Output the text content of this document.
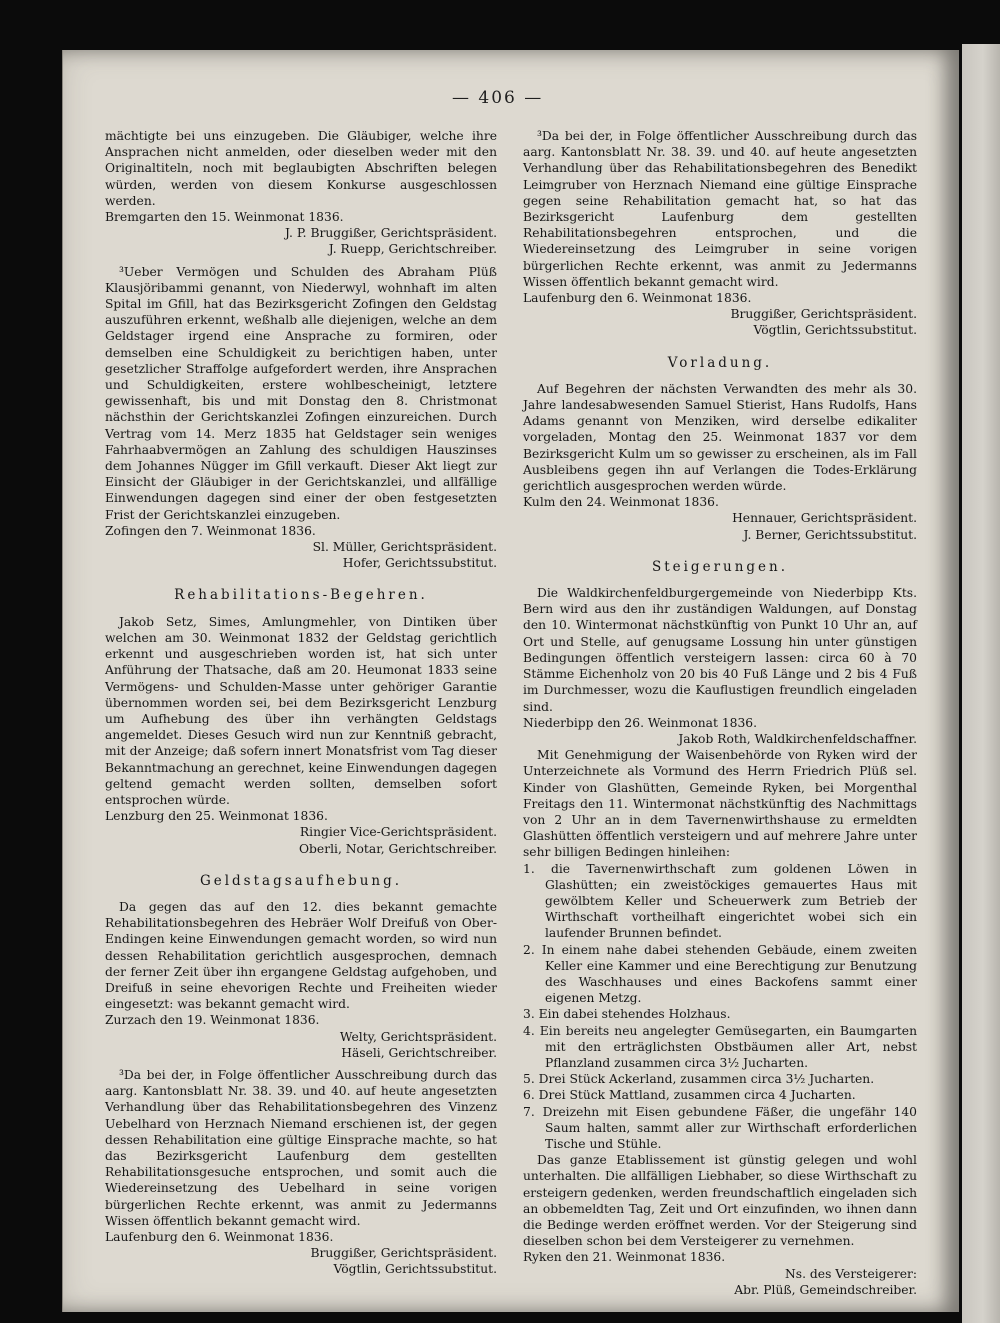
— 406 —

mächtigte bei uns einzugeben. Die Gläubiger, welche ihre Ansprachen nicht anmelden, oder dieselben weder mit den Originaltiteln, noch mit beglaubigten Abschriften belegen würden, werden von diesem Konkurse ausgeschlossen werden.

Bremgarten den 15. Weinmonat 1836.

J. P. Bruggißer, Gerichtspräsident.

J. Ruepp, Gerichtschreiber.

³Ueber Vermögen und Schulden des Abraham Plüß Klausjöribammi genannt, von Niederwyl, wohnhaft im alten Spital im Gfill, hat das Bezirksgericht Zofingen den Geldstag auszuführen erkennt, weßhalb alle diejenigen, welche an dem Geldstager irgend eine Ansprache zu formiren, oder demselben eine Schuldigkeit zu berichtigen haben, unter gesetzlicher Straffolge aufgefordert werden, ihre Ansprachen und Schuldigkeiten, erstere wohlbescheinigt, letztere gewissenhaft, bis und mit Donstag den 8. Christmonat nächsthin der Gerichtskanzlei Zofingen einzureichen. Durch Vertrag vom 14. Merz 1835 hat Geldstager sein weniges Fahrhaabvermögen an Zahlung des schuldigen Hauszinses dem Johannes Nügger im Gfill verkauft. Dieser Akt liegt zur Einsicht der Gläubiger in der Gerichtskanzlei, und allfällige Einwendungen dagegen sind einer der oben festgesetzten Frist der Gerichtskanzlei einzugeben.

Zofingen den 7. Weinmonat 1836.

Sl. Müller, Gerichtspräsident.

Hofer, Gerichtssubstitut.

Rehabilitations-Begehren.

Jakob Setz, Simes, Amlungmehler, von Dintiken über welchen am 30. Weinmonat 1832 der Geldstag gerichtlich erkennt und ausgeschrieben worden ist, hat sich unter Anführung der Thatsache, daß am 20. Heumonat 1833 seine Vermögens- und Schulden-Masse unter gehöriger Garantie übernommen worden sei, bei dem Bezirksgericht Lenzburg um Aufhebung des über ihn verhängten Geldstags angemeldet. Dieses Gesuch wird nun zur Kenntniß gebracht, mit der Anzeige; daß sofern innert Monatsfrist vom Tag dieser Bekanntmachung an gerechnet, keine Einwendungen dagegen geltend gemacht werden sollten, demselben sofort entsprochen würde.

Lenzburg den 25. Weinmonat 1836.

Ringier Vice-Gerichtspräsident.

Oberli, Notar, Gerichtschreiber.

Geldstagsaufhebung.

Da gegen das auf den 12. dies bekannt gemachte Rehabilitationsbegehren des Hebräer Wolf Dreifuß von Ober-Endingen keine Einwendungen gemacht worden, so wird nun dessen Rehabilitation gerichtlich ausgesprochen, demnach der ferner Zeit über ihn ergangene Geldstag aufgehoben, und Dreifuß in seine ehevorigen Rechte und Freiheiten wieder eingesetzt: was bekannt gemacht wird.

Zurzach den 19. Weinmonat 1836.

Welty, Gerichtspräsident.

Häseli, Gerichtschreiber.

³Da bei der, in Folge öffentlicher Ausschreibung durch das aarg. Kantonsblatt Nr. 38. 39. und 40. auf heute angesetzten Verhandlung über das Rehabilitationsbegehren des Vinzenz Uebelhard von Herznach Niemand erschienen ist, der gegen dessen Rehabilitation eine gültige Einsprache machte, so hat das Bezirksgericht Laufenburg dem gestellten Rehabilitationsgesuche entsprochen, und somit auch die Wiedereinsetzung des Uebelhard in seine vorigen bürgerlichen Rechte erkennt, was anmit zu Jedermanns Wissen öffentlich bekannt gemacht wird.

Laufenburg den 6. Weinmonat 1836.

Bruggißer, Gerichtspräsident.

Vögtlin, Gerichtssubstitut.

³Da bei der, in Folge öffentlicher Ausschreibung durch das aarg. Kantonsblatt Nr. 38. 39. und 40. auf heute angesetzten Verhandlung über das Rehabilitationsbegehren des Benedikt Leimgruber von Herznach Niemand eine gültige Einsprache gegen seine Rehabilitation gemacht hat, so hat das Bezirksgericht Laufenburg dem gestellten Rehabilitationsbegehren entsprochen, und die Wiedereinsetzung des Leimgruber in seine vorigen bürgerlichen Rechte erkennt, was anmit zu Jedermanns Wissen öffentlich bekannt gemacht wird.

Laufenburg den 6. Weinmonat 1836.

Bruggißer, Gerichtspräsident.

Vögtlin, Gerichtssubstitut.

Vorladung.

Auf Begehren der nächsten Verwandten des mehr als 30. Jahre landesabwesenden Samuel Stierist, Hans Rudolfs, Hans Adams genannt von Menziken, wird derselbe edikaliter vorgeladen, Montag den 25. Weinmonat 1837 vor dem Bezirksgericht Kulm um so gewisser zu erscheinen, als im Fall Ausbleibens gegen ihn auf Verlangen die Todes-Erklärung gerichtlich ausgesprochen werden würde.

Kulm den 24. Weinmonat 1836.

Hennauer, Gerichtspräsident.

J. Berner, Gerichtssubstitut.

Steigerungen.

Die Waldkirchenfeldburgergemeinde von Niederbipp Kts. Bern wird aus den ihr zuständigen Waldungen, auf Donstag den 10. Wintermonat nächstkünftig von Punkt 10 Uhr an, auf Ort und Stelle, auf genugsame Lossung hin unter günstigen Bedingungen öffentlich versteigern lassen: circa 60 à 70 Stämme Eichenholz von 20 bis 40 Fuß Länge und 2 bis 4 Fuß im Durchmesser, wozu die Kauflustigen freundlich eingeladen sind.

Niederbipp den 26. Weinmonat 1836.

Jakob Roth, Waldkirchenfeldschaffner.

Mit Genehmigung der Waisenbehörde von Ryken wird der Unterzeichnete als Vormund des Herrn Friedrich Plüß sel. Kinder von Glashütten, Gemeinde Ryken, bei Morgenthal Freitags den 11. Wintermonat nächstkünftig des Nachmittags von 2 Uhr an in dem Tavernenwirthshause zu ermeldten Glashütten öffentlich versteigern und auf mehrere Jahre unter sehr billigen Bedingen hinleihen:

1. die Tavernenwirthschaft zum goldenen Löwen in Glashütten; ein zweistöckiges gemauertes Haus mit gewölbtem Keller und Scheuerwerk zum Betrieb der Wirthschaft vortheilhaft eingerichtet wobei sich ein laufender Brunnen befindet.

2. In einem nahe dabei stehenden Gebäude, einem zweiten Keller eine Kammer und eine Berechtigung zur Benutzung des Waschhauses und eines Backofens sammt einer eigenen Metzg.

3. Ein dabei stehendes Holzhaus.

4. Ein bereits neu angelegter Gemüsegarten, ein Baumgarten mit den erträglichsten Obstbäumen aller Art, nebst Pflanzland zusammen circa 3½ Jucharten.

5. Drei Stück Ackerland, zusammen circa 3½ Jucharten.

6. Drei Stück Mattland, zusammen circa 4 Jucharten.

7. Dreizehn mit Eisen gebundene Fäßer, die ungefähr 140 Saum halten, sammt aller zur Wirthschaft erforderlichen Tische und Stühle.

Das ganze Etablissement ist günstig gelegen und wohl unterhalten. Die allfälligen Liebhaber, so diese Wirthschaft zu ersteigern gedenken, werden freundschaftlich eingeladen sich an obbemeldten Tag, Zeit und Ort einzufinden, wo ihnen dann die Bedinge werden eröffnet werden. Vor der Steigerung sind dieselben schon bei dem Versteigerer zu vernehmen.

Ryken den 21. Weinmonat 1836.

Ns. des Versteigerer:

Abr. Plüß, Gemeindschreiber.
